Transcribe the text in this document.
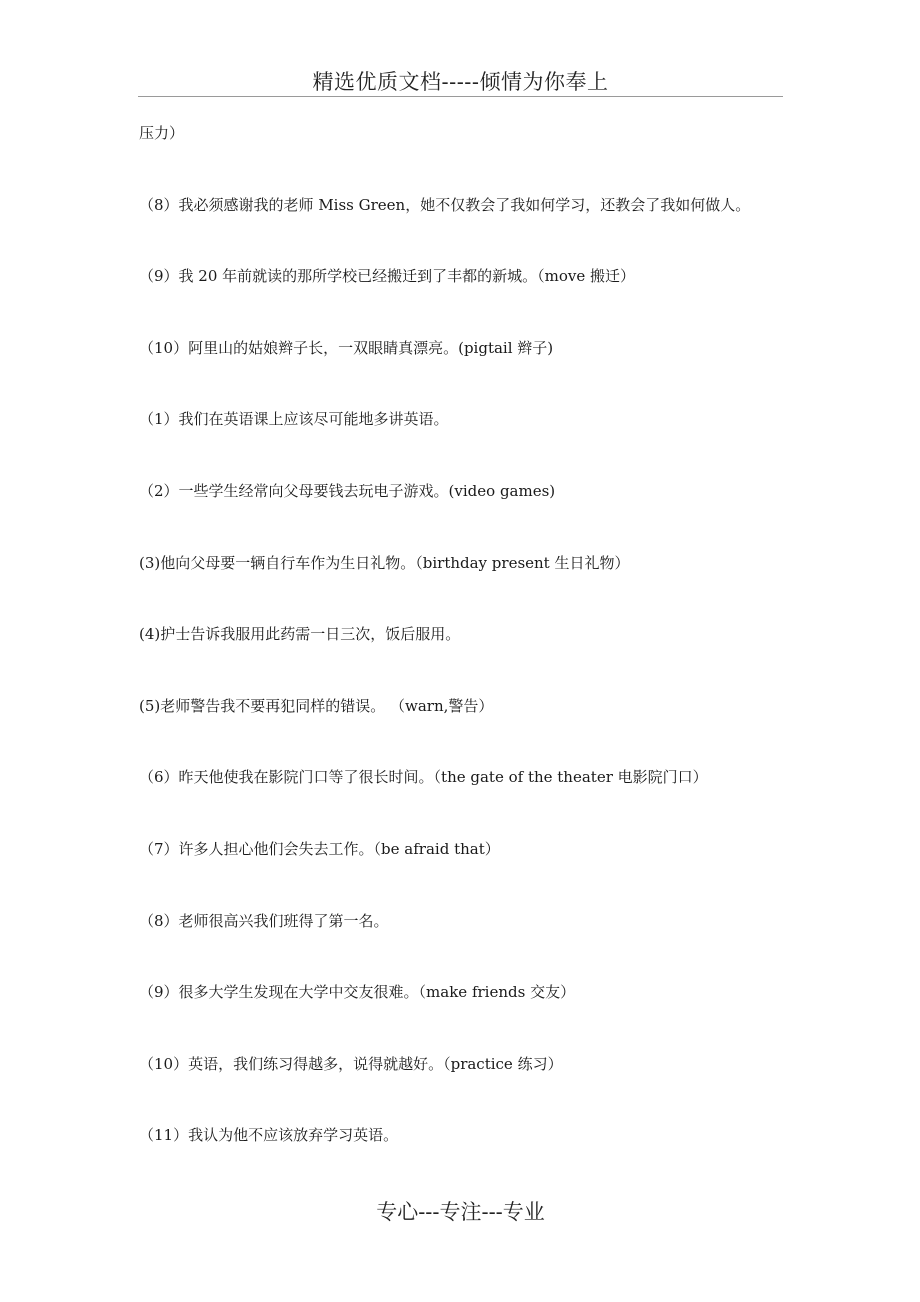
精选优质文档-----倾情为你奉上
压力）
（8）我必须感谢我的老师 Miss Green，她不仅教会了我如何学习，还教会了我如何做人。
（9）我 20 年前就读的那所学校已经搬迁到了丰都的新城。（move 搬迁）
（10）阿里山的姑娘辫子长，一双眼睛真漂亮。(pigtail 辫子)
（1）我们在英语课上应该尽可能地多讲英语。
（2）一些学生经常向父母要钱去玩电子游戏。(video games)
(3)他向父母要一辆自行车作为生日礼物。（birthday present 生日礼物）
(4)护士告诉我服用此药需一日三次，饭后服用。
(5)老师警告我不要再犯同样的错误。 （warn,警告）
（6）昨天他使我在影院门口等了很长时间。（the gate of the theater 电影院门口）
（7）许多人担心他们会失去工作。（be afraid that）
（8）老师很高兴我们班得了第一名。
（9）很多大学生发现在大学中交友很难。（make friends 交友）
（10）英语，我们练习得越多，说得就越好。（practice 练习）
（11）我认为他不应该放弃学习英语。
专心---专注---专业
